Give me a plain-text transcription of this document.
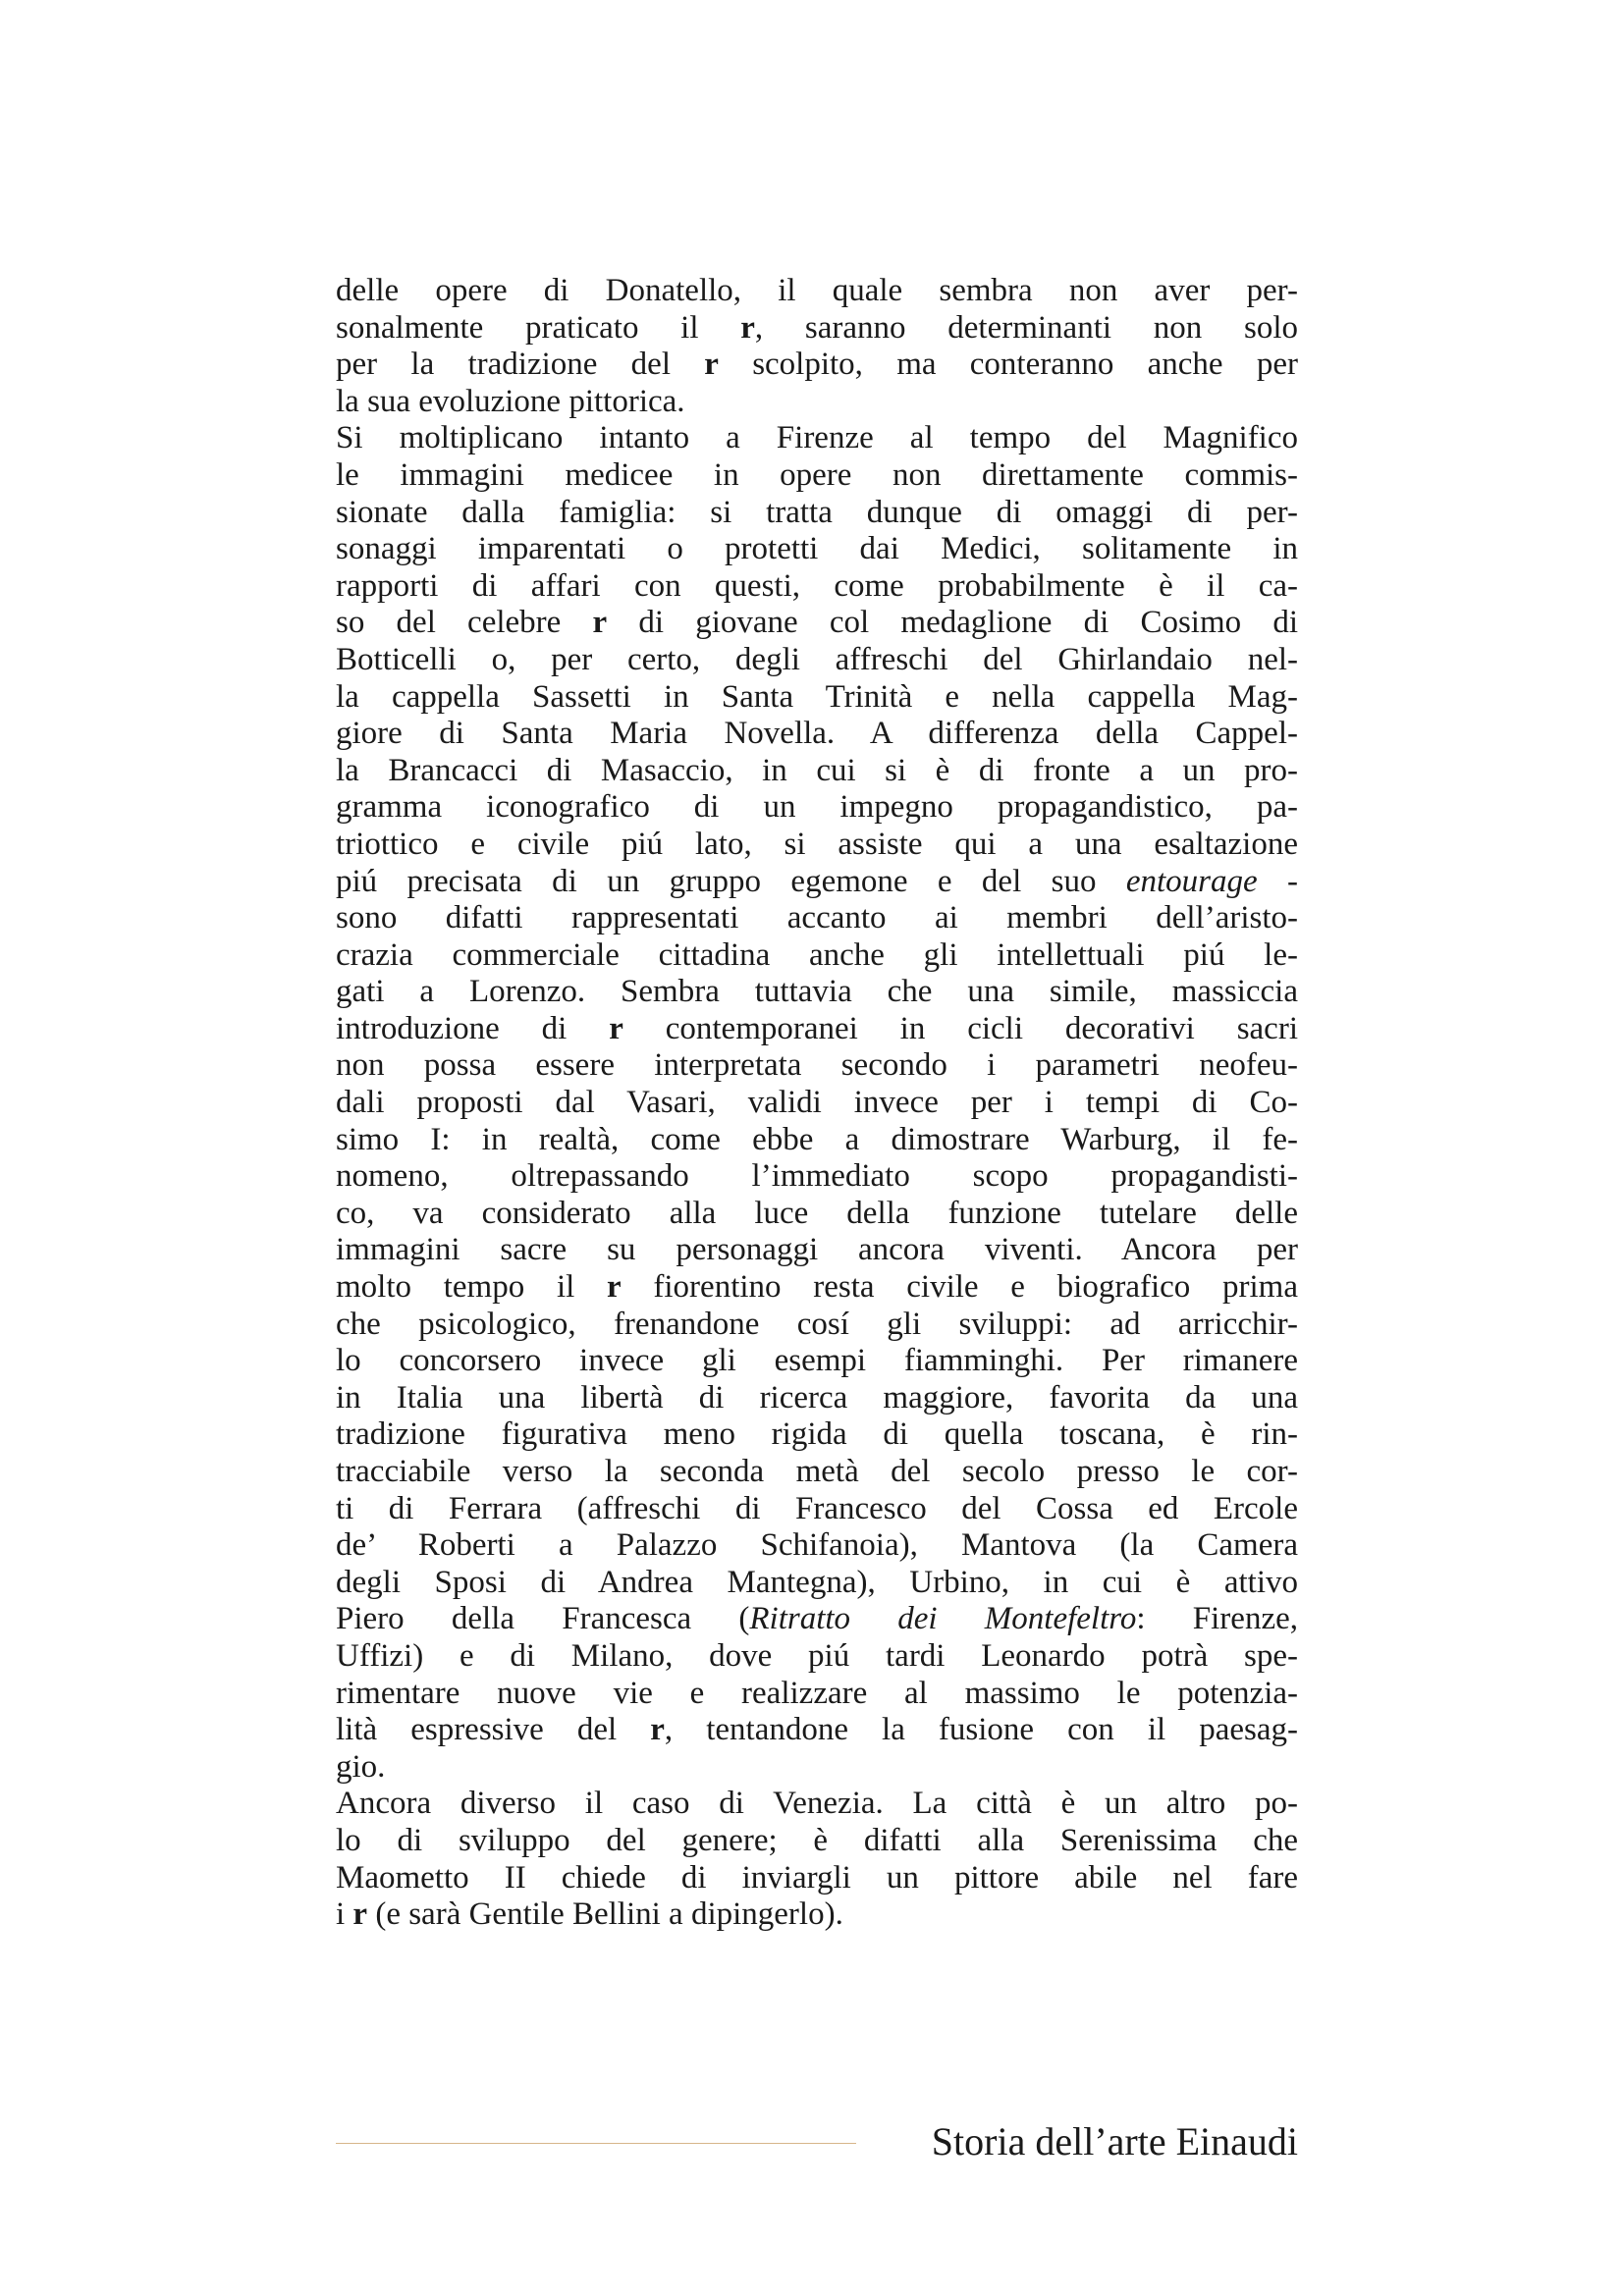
delle opere di Donatello, il quale sembra non aver per-
sonalmente praticato il r, saranno determinanti non solo
per la tradizione del r scolpito, ma conteranno anche per
la sua evoluzione pittorica.
Si moltiplicano intanto a Firenze al tempo del Magnifico
le immagini medicee in opere non direttamente commis-
sionate dalla famiglia: si tratta dunque di omaggi di per-
sonaggi imparentati o protetti dai Medici, solitamente in
rapporti di affari con questi, come probabilmente è il ca-
so del celebre r di giovane col medaglione di Cosimo di
Botticelli o, per certo, degli affreschi del Ghirlandaio nel-
la cappella Sassetti in Santa Trinità e nella cappella Mag-
giore di Santa Maria Novella. A differenza della Cappel-
la Brancacci di Masaccio, in cui si è di fronte a un pro-
gramma iconografico di un impegno propagandistico, pa-
triottico e civile piú lato, si assiste qui a una esaltazione
piú precisata di un gruppo egemone e del suo entourage -
sono difatti rappresentati accanto ai membri dell’aristo-
crazia commerciale cittadina anche gli intellettuali piú le-
gati a Lorenzo. Sembra tuttavia che una simile, massiccia
introduzione di r contemporanei in cicli decorativi sacri
non possa essere interpretata secondo i parametri neofeu-
dali proposti dal Vasari, validi invece per i tempi di Co-
simo I: in realtà, come ebbe a dimostrare Warburg, il fe-
nomeno, oltrepassando l’immediato scopo propagandisti-
co, va considerato alla luce della funzione tutelare delle
immagini sacre su personaggi ancora viventi. Ancora per
molto tempo il r fiorentino resta civile e biografico prima
che psicologico, frenandone cosí gli sviluppi: ad arricchir-
lo concorsero invece gli esempi fiamminghi. Per rimanere
in Italia una libertà di ricerca maggiore, favorita da una
tradizione figurativa meno rigida di quella toscana, è rin-
tracciabile verso la seconda metà del secolo presso le cor-
ti di Ferrara (affreschi di Francesco del Cossa ed Ercole
de’ Roberti a Palazzo Schifanoia), Mantova (la Camera
degli Sposi di Andrea Mantegna), Urbino, in cui è attivo
Piero della Francesca (Ritratto dei Montefeltro: Firenze,
Uffizi) e di Milano, dove piú tardi Leonardo potrà spe-
rimentare nuove vie e realizzare al massimo le potenzia-
lità espressive del r, tentandone la fusione con il paesag-
gio.
Ancora diverso il caso di Venezia. La città è un altro po-
lo di sviluppo del genere; è difatti alla Serenissima che
Maometto II chiede di inviargli un pittore abile nel fare
i r (e sarà Gentile Bellini a dipingerlo).
Storia dell’arte Einaudi
